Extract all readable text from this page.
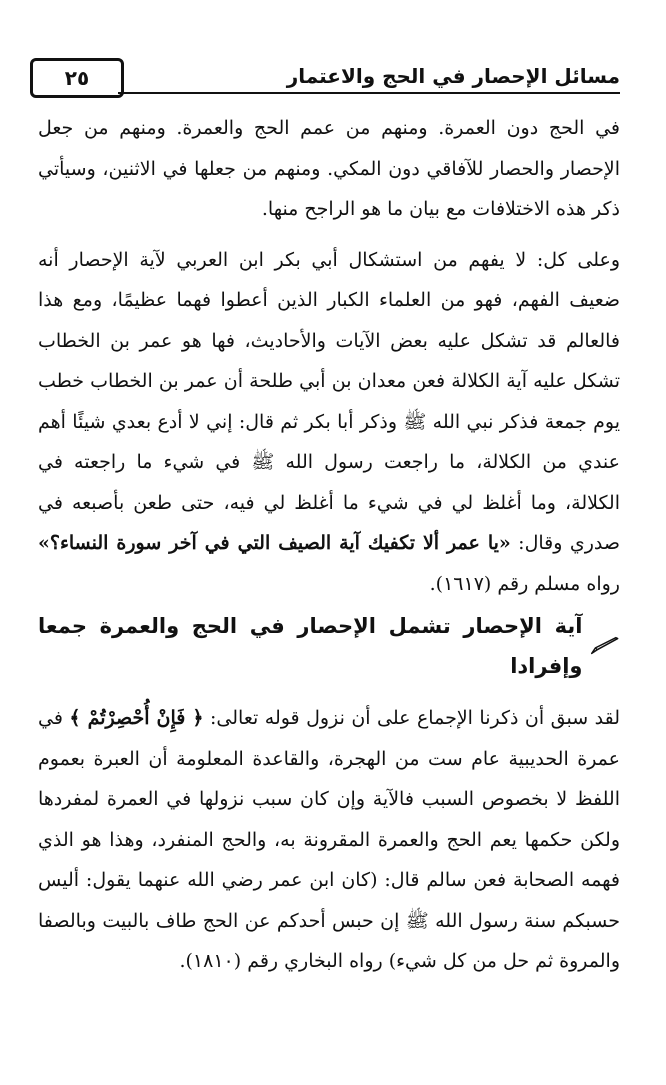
٢٥	مسائل الإحصار في الحج والاعتمار

في الحج دون العمرة. ومنهم من عمم الحج والعمرة. ومنهم من جعل الإحصار والحصار للآفاقي دون المكي. ومنهم من جعلها في الاثنين، وسيأتي ذكر هذه الاختلافات مع بيان ما هو الراجح منها.

وعلى كل: لا يفهم من استشكال أبي بكر ابن العربي لآية الإحصار أنه ضعيف الفهم، فهو من العلماء الكبار الذين أعطوا فهما عظيمًا، ومع هذا فالعالم قد تشكل عليه بعض الآيات والأحاديث، فها هو عمر بن الخطاب تشكل عليه آية الكلالة فعن معدان بن أبي طلحة أن عمر بن الخطاب خطب يوم جمعة فذكر نبي الله ﷺ وذكر أبا بكر ثم قال: إني لا أدع بعدي شيئًا أهم عندي من الكلالة، ما راجعت رسول الله ﷺ في شيء ما راجعته في الكلالة، وما أغلظ لي في شيء ما أغلظ لي فيه، حتى طعن بأصبعه في صدري وقال: «يا عمر ألا تكفيك آية الصيف التي في آخر سورة النساء؟» رواه مسلم رقم (١٦١٧).

آية الإحصار تشمل الإحصار في الحج والعمرة جمعا وإفرادا

لقد سبق أن ذكرنا الإجماع على أن نزول قوله تعالى: ﴿ فَإِنْ أُحْصِرْتُمْ ﴾ في عمرة الحديبية عام ست من الهجرة، والقاعدة المعلومة أن العبرة بعموم اللفظ لا بخصوص السبب فالآية وإن كان سبب نزولها في العمرة لمفردها ولكن حكمها يعم الحج والعمرة المقرونة به، والحج المنفرد، وهذا هو الذي فهمه الصحابة فعن سالم قال: (كان ابن عمر رضي الله عنهما يقول: أليس حسبكم سنة رسول الله ﷺ إن حبس أحدكم عن الحج طاف بالبيت وبالصفا والمروة ثم حل من كل شيء) رواه البخاري رقم (١٨١٠).
